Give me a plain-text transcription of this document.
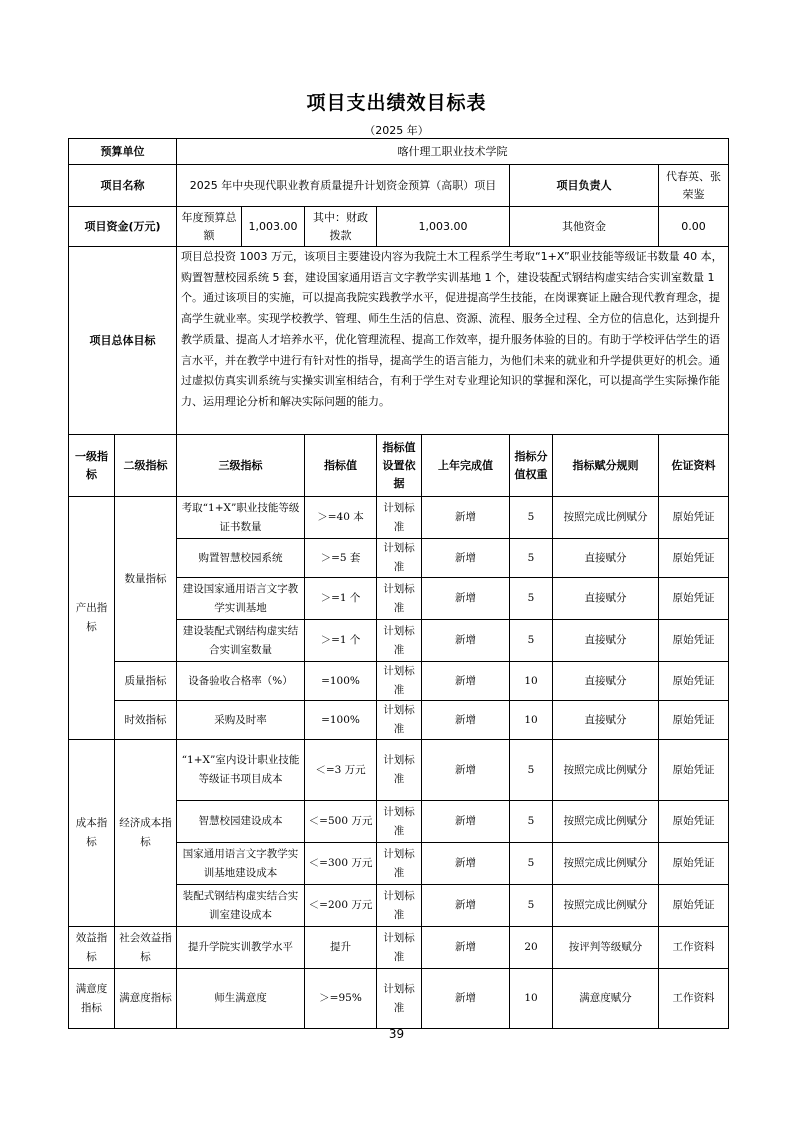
项目支出绩效目标表
（2025 年）
预算单位		喀什理工职业技术学院							
项目名称		2025 年中央现代职业教育质量提升计划资金预算（高职）项目					项目负责人		代春英、张荣鉴
项目资金(万元)		年度预算总额	1,003.00	其中：财政拨款	1,003.00		其他资金		0.00
项目总体目标		项目总投资 1003 万元，该项目主要建设内容为我院土木工程系学生考取“1+X”职业技能等级证书数量 40 本，购置智慧校园系统 5 套，建设国家通用语言文字教学实训基地 1 个，建设装配式钢结构虚实结合实训室数量 1 个。通过该项目的实施，可以提高我院实践教学水平，促进提高学生技能，在岗课赛证上融合现代教育理念，提高学生就业率。实现学校教学、管理、师生生活的信息、资源、流程、服务全过程、全方位的信息化，达到提升教学质量、提高人才培养水平，优化管理流程、提高工作效率，提升服务体验的目的。有助于学校评估学生的语言水平，并在教学中进行有针对性的指导，提高学生的语言能力，为他们未来的就业和升学提供更好的机会。通过虚拟仿真实训系统与实操实训室相结合，有利于学生对专业理论知识的掌握和深化，可以提高学生实际操作能力、运用理论分析和解决实际问题的能力。							
一级指标	二级指标	三级指标		指标值	指标值设置依据	上年完成值	指标分值权重	指标赋分规则	佐证资料
产出指标	数量指标	考取“1+X”职业技能等级证书数量		＞=40 本	计划标准	新增	5	按照完成比例赋分	原始凭证
		购置智慧校园系统		＞=5 套	计划标准	新增	5	直接赋分	原始凭证
		建设国家通用语言文字教学实训基地		＞=1 个	计划标准	新增	5	直接赋分	原始凭证
		建设装配式钢结构虚实结合实训室数量		＞=1 个	计划标准	新增	5	直接赋分	原始凭证
	质量指标	设备验收合格率（%）		=100%	计划标准	新增	10	直接赋分	原始凭证
	时效指标	采购及时率		=100%	计划标准	新增	10	直接赋分	原始凭证
成本指标	经济成本指标	“1+X”室内设计职业技能等级证书项目成本		＜=3 万元	计划标准	新增	5	按照完成比例赋分	原始凭证
		智慧校园建设成本		＜=500 万元	计划标准	新增	5	按照完成比例赋分	原始凭证
		国家通用语言文字教学实训基地建设成本		＜=300 万元	计划标准	新增	5	按照完成比例赋分	原始凭证
		装配式钢结构虚实结合实训室建设成本		＜=200 万元	计划标准	新增	5	按照完成比例赋分	原始凭证
效益指标	社会效益指标	提升学院实训教学水平		提升	计划标准	新增	20	按评判等级赋分	工作资料
满意度指标	满意度指标	师生满意度		＞=95%	计划标准	新增	10	满意度赋分	工作资料
39
